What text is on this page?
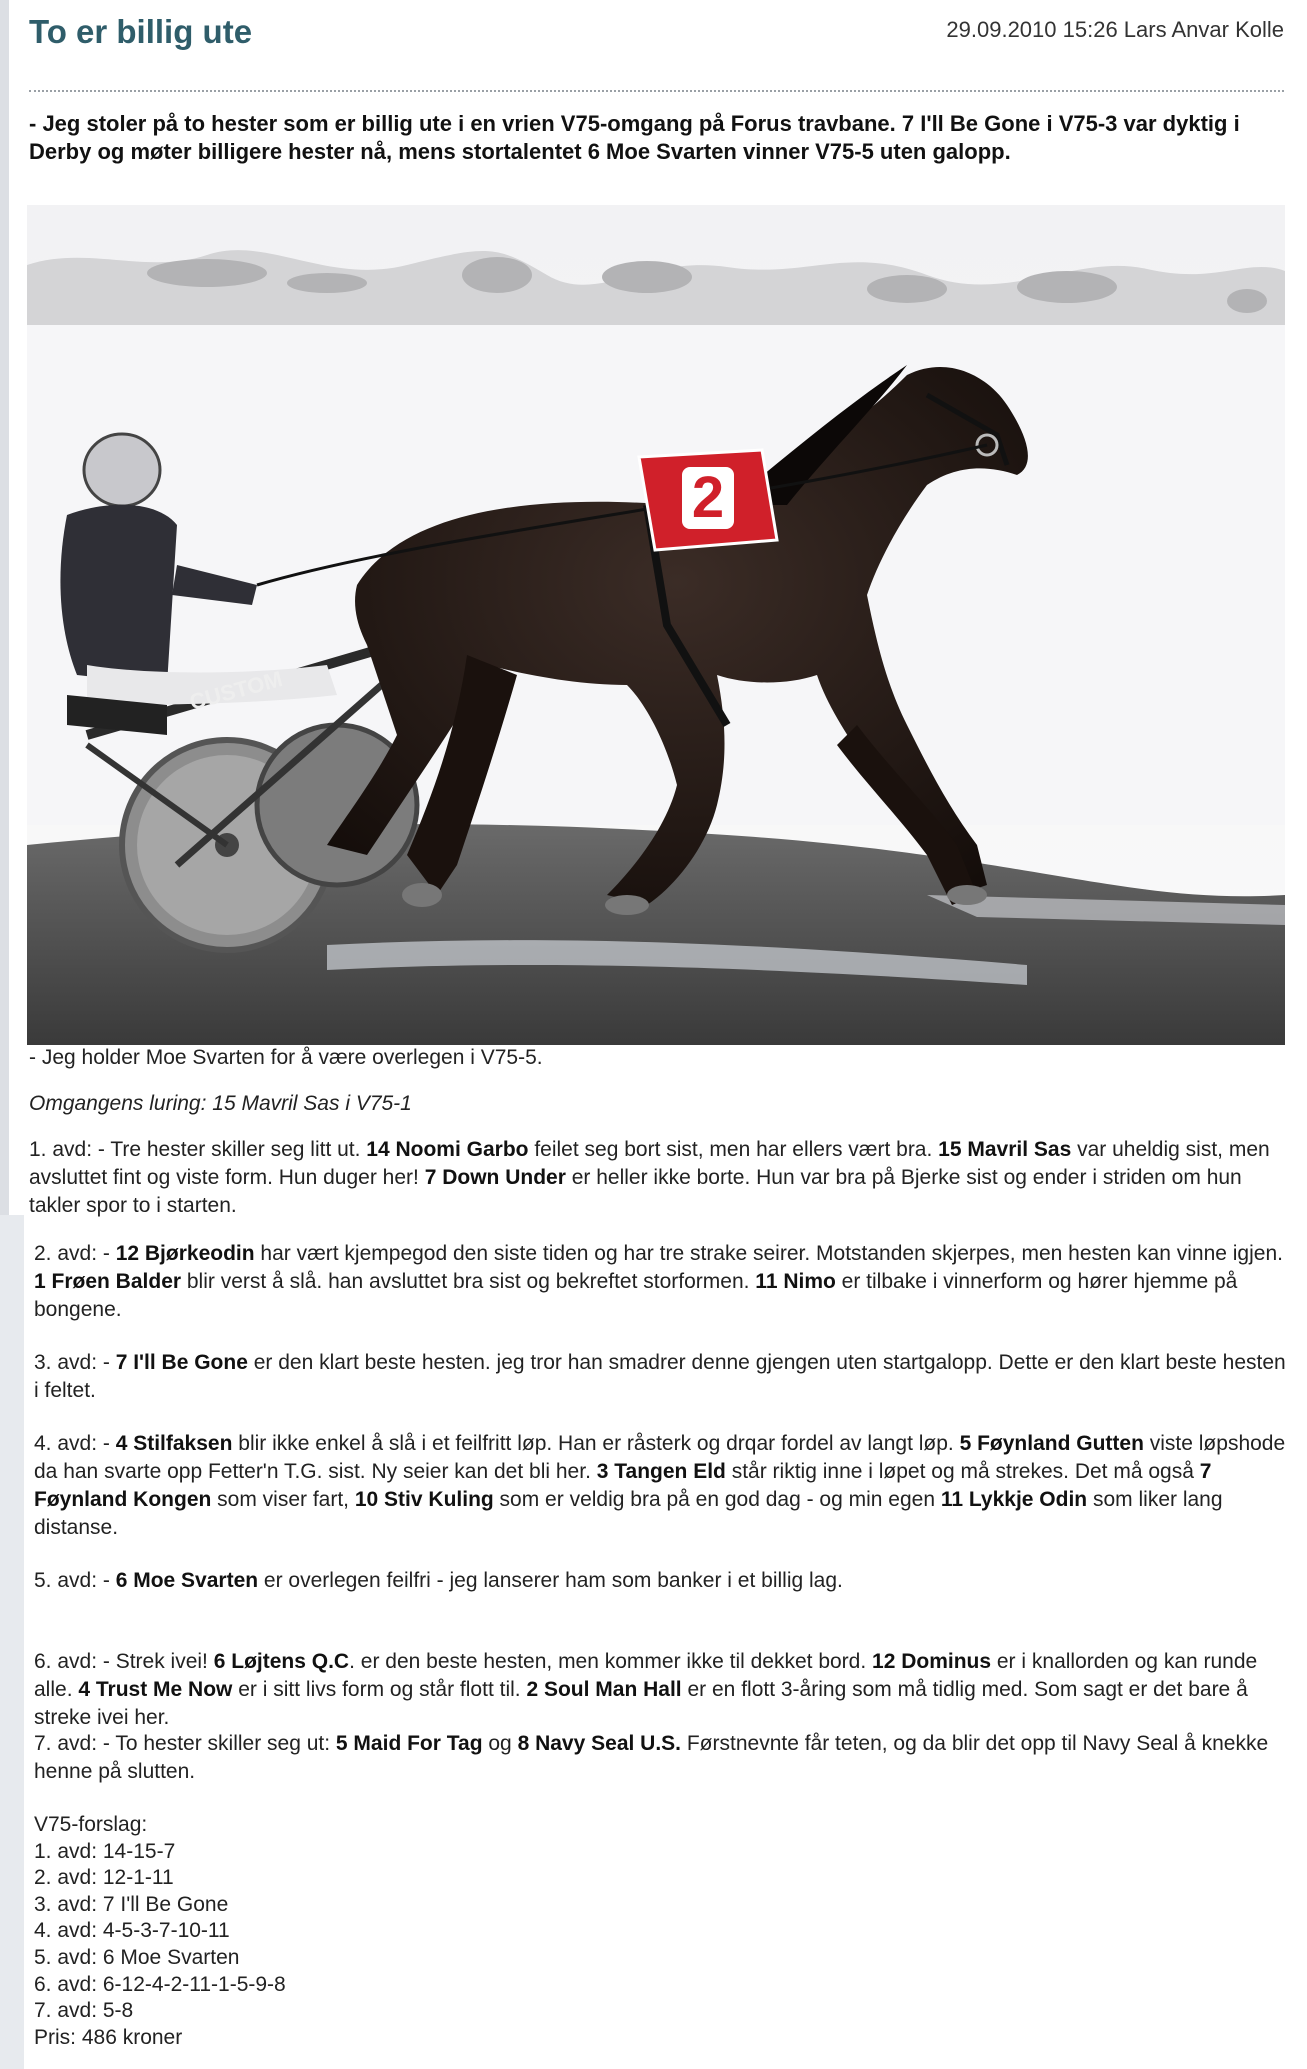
To er billig ute	29.09.2010 15:26 Lars Anvar Kolle

- Jeg stoler på to hester som er billig ute i en vrien V75-omgang på Forus travbane. 7 I'll Be Gone i V75-3 var dyktig i Derby og møter billigere hester nå, mens stortalentet 6 Moe Svarten vinner V75-5 uten galopp.

2
CUSTOM
- Jeg holder Moe Svarten for å være overlegen i V75-5.
Omgangens luring: 15 Mavril Sas i V75-1

1. avd: - Tre hester skiller seg litt ut. 14 Noomi Garbo feilet seg bort sist, men har ellers vært bra. 15 Mavril Sas var uheldig sist, men avsluttet fint og viste form. Hun duger her! 7 Down Under er heller ikke borte. Hun var bra på Bjerke sist og ender i striden om hun takler spor to i starten.

2. avd: - 12 Bjørkeodin har vært kjempegod den siste tiden og har tre strake seirer. Motstanden skjerpes, men hesten kan vinne igjen. 1 Frøen Balder blir verst å slå. han avsluttet bra sist og bekreftet storformen. 11 Nimo er tilbake i vinnerform og hører hjemme på bongene.

3. avd: - 7 I'll Be Gone er den klart beste hesten. jeg tror han smadrer denne gjengen uten startgalopp. Dette er den klart beste hesten i feltet.

4. avd: - 4 Stilfaksen blir ikke enkel å slå i et feilfritt løp. Han er råsterk og drqar fordel av langt løp. 5 Føynland Gutten viste løpshode da han svarte opp Fetter'n T.G. sist. Ny seier kan det bli her. 3 Tangen Eld står riktig inne i løpet og må strekes. Det må også 7 Føynland Kongen som viser fart, 10 Stiv Kuling som er veldig bra på en god dag - og min egen 11 Lykkje Odin som liker lang distanse.

5. avd: - 6 Moe Svarten er overlegen feilfri - jeg lanserer ham som banker i et billig lag.

6. avd: - Strek ivei! 6 Løjtens Q.C. er den beste hesten, men kommer ikke til dekket bord. 12 Dominus er i knallorden og kan runde alle. 4 Trust Me Now er i sitt livs form og står flott til. 2 Soul Man Hall er en flott 3-åring som må tidlig med. Som sagt er det bare å streke ivei her.

7. avd: - To hester skiller seg ut: 5 Maid For Tag og 8 Navy Seal U.S. Førstnevnte får teten, og da blir det opp til Navy Seal å knekke henne på slutten.

V75-forslag:
1. avd: 14-15-7
2. avd: 12-1-11
3. avd: 7 I'll Be Gone
4. avd: 4-5-3-7-10-11
5. avd: 6 Moe Svarten
6. avd: 6-12-4-2-11-1-5-9-8
7. avd: 5-8
Pris: 486 kroner
